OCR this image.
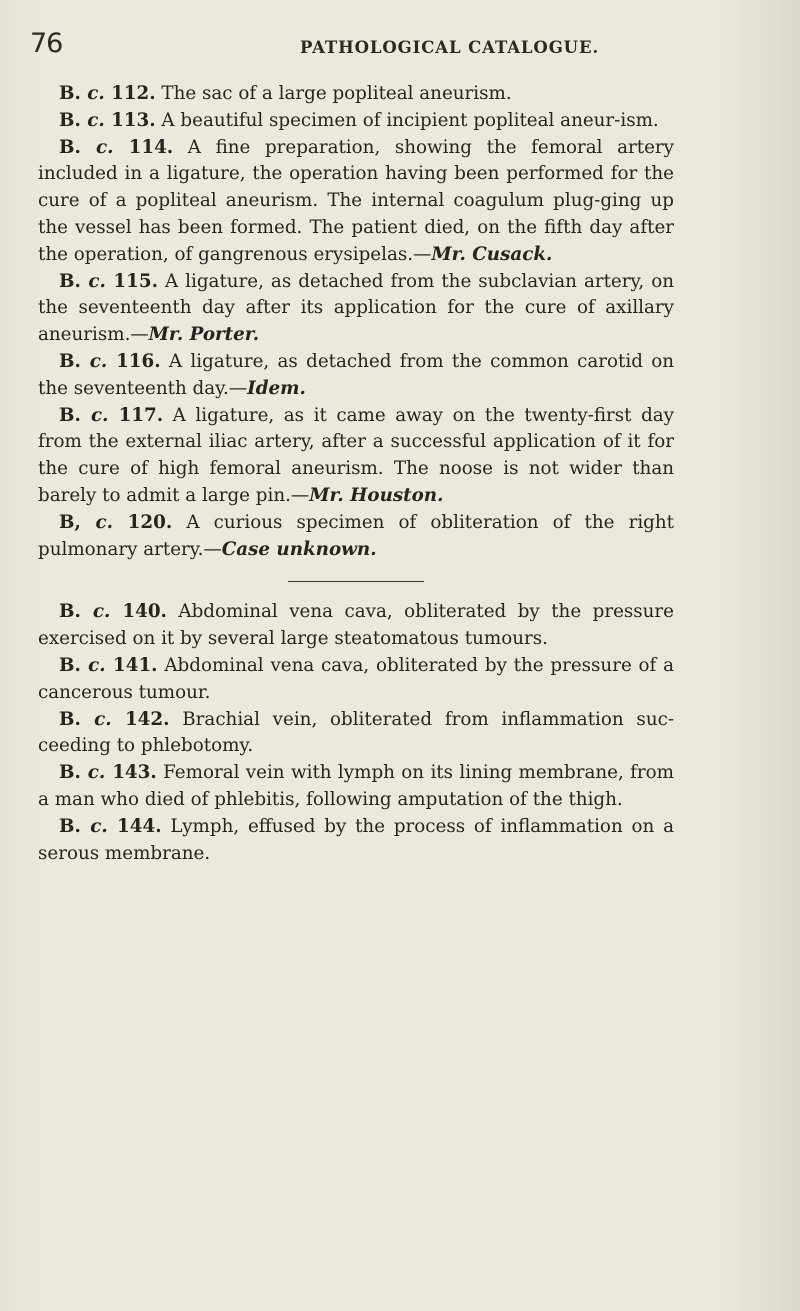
76	PATHOLOGICAL CATALOGUE.

B. c. 112. The sac of a large popliteal aneurism.

B. c. 113. A beautiful specimen of incipient popliteal aneur-ism.

B. c. 114. A fine preparation, showing the femoral artery included in a ligature, the operation having been performed for the cure of a popliteal aneurism. The internal coagulum plug-ging up the vessel has been formed. The patient died, on the fifth day after the operation, of gangrenous erysipelas.—Mr. Cusack.

B. c. 115. A ligature, as detached from the subclavian artery, on the seventeenth day after its application for the cure of axillary aneurism.—Mr. Porter.

B. c. 116. A ligature, as detached from the common carotid on the seventeenth day.—Idem.

B. c. 117. A ligature, as it came away on the twenty-first day from the external iliac artery, after a successful application of it for the cure of high femoral aneurism. The noose is not wider than barely to admit a large pin.—Mr. Houston.

B, c. 120. A curious specimen of obliteration of the right pulmonary artery.—Case unknown.

B. c. 140. Abdominal vena cava, obliterated by the pressure exercised on it by several large steatomatous tumours.

B. c. 141. Abdominal vena cava, obliterated by the pressure of a cancerous tumour.

B. c. 142. Brachial vein, obliterated from inflammation suc-ceeding to phlebotomy.

B. c. 143. Femoral vein with lymph on its lining membrane, from a man who died of phlebitis, following amputation of the thigh.

B. c. 144. Lymph, effused by the process of inflammation on a serous membrane.
